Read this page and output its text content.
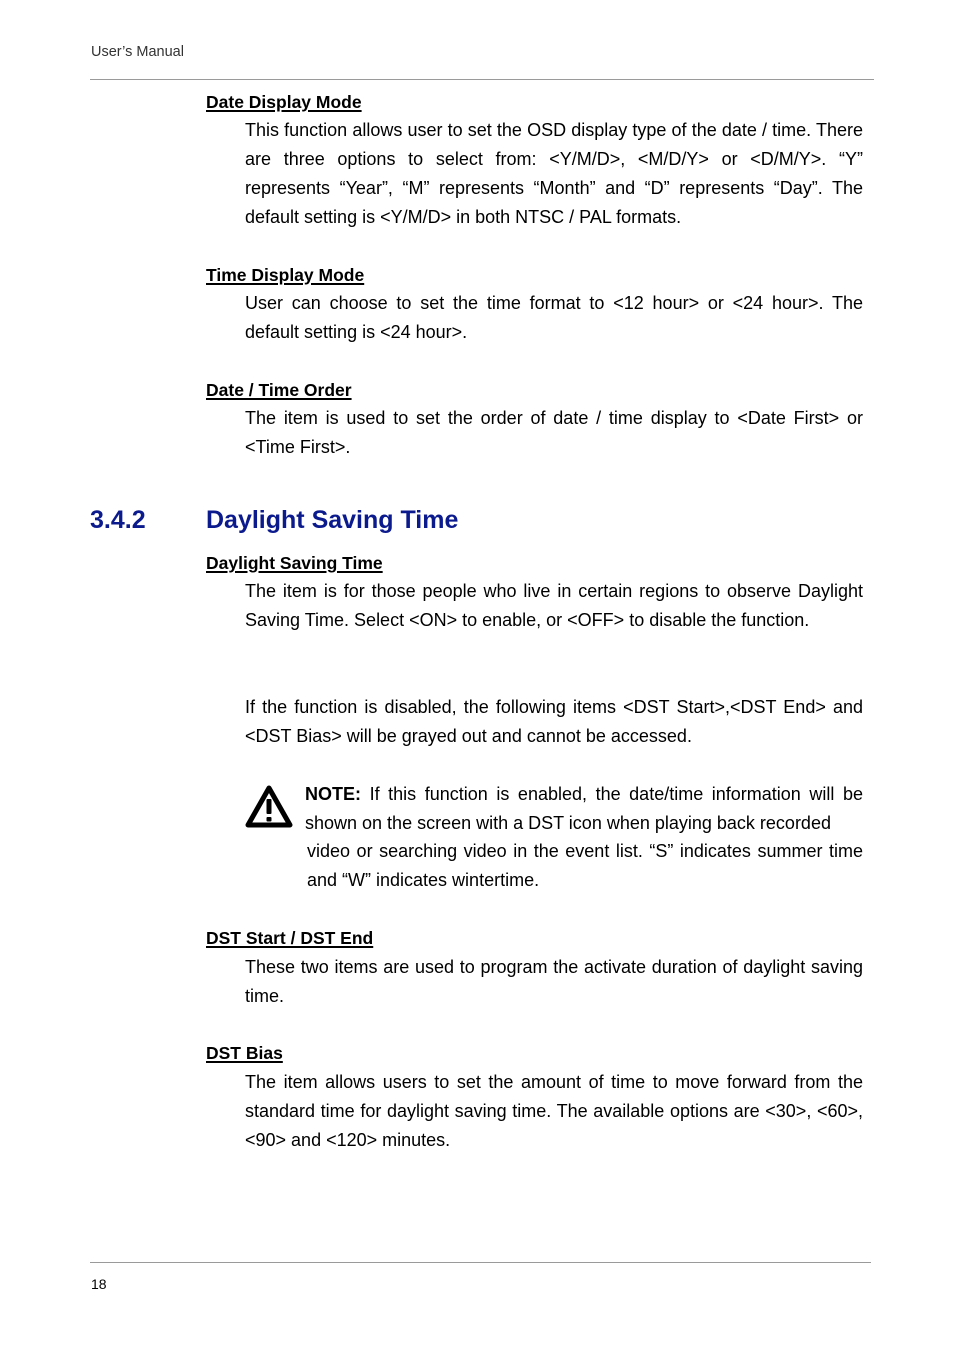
User’s Manual
Date Display Mode
This function allows user to set the OSD display type of the date / time. There are three options to select from: <Y/M/D>, <M/D/Y> or <D/M/Y>. “Y” represents “Year”, “M” represents “Month” and “D” represents “Day”. The default setting is <Y/M/D> in both NTSC / PAL formats.
Time Display Mode
User can choose to set the time format to <12 hour> or <24 hour>. The default setting is <24 hour>.
Date / Time Order
The item is used to set the order of date / time display to <Date First> or <Time First>.
3.4.2 Daylight Saving Time
Daylight Saving Time
The item is for those people who live in certain regions to observe Daylight Saving Time. Select <ON> to enable, or <OFF> to disable the function.
If the function is disabled, the following items <DST Start>,<DST End> and <DST Bias> will be grayed out and cannot be accessed.
NOTE: If this function is enabled, the date/time information will be shown on the screen with a DST icon when playing back recorded
video or searching video in the event list. “S” indicates summer time and “W” indicates wintertime.
DST Start / DST End
These two items are used to program the activate duration of daylight saving time.
DST Bias
The item allows users to set the amount of time to move forward from the standard time for daylight saving time. The available options are <30>, <60>, <90> and <120> minutes.
18
